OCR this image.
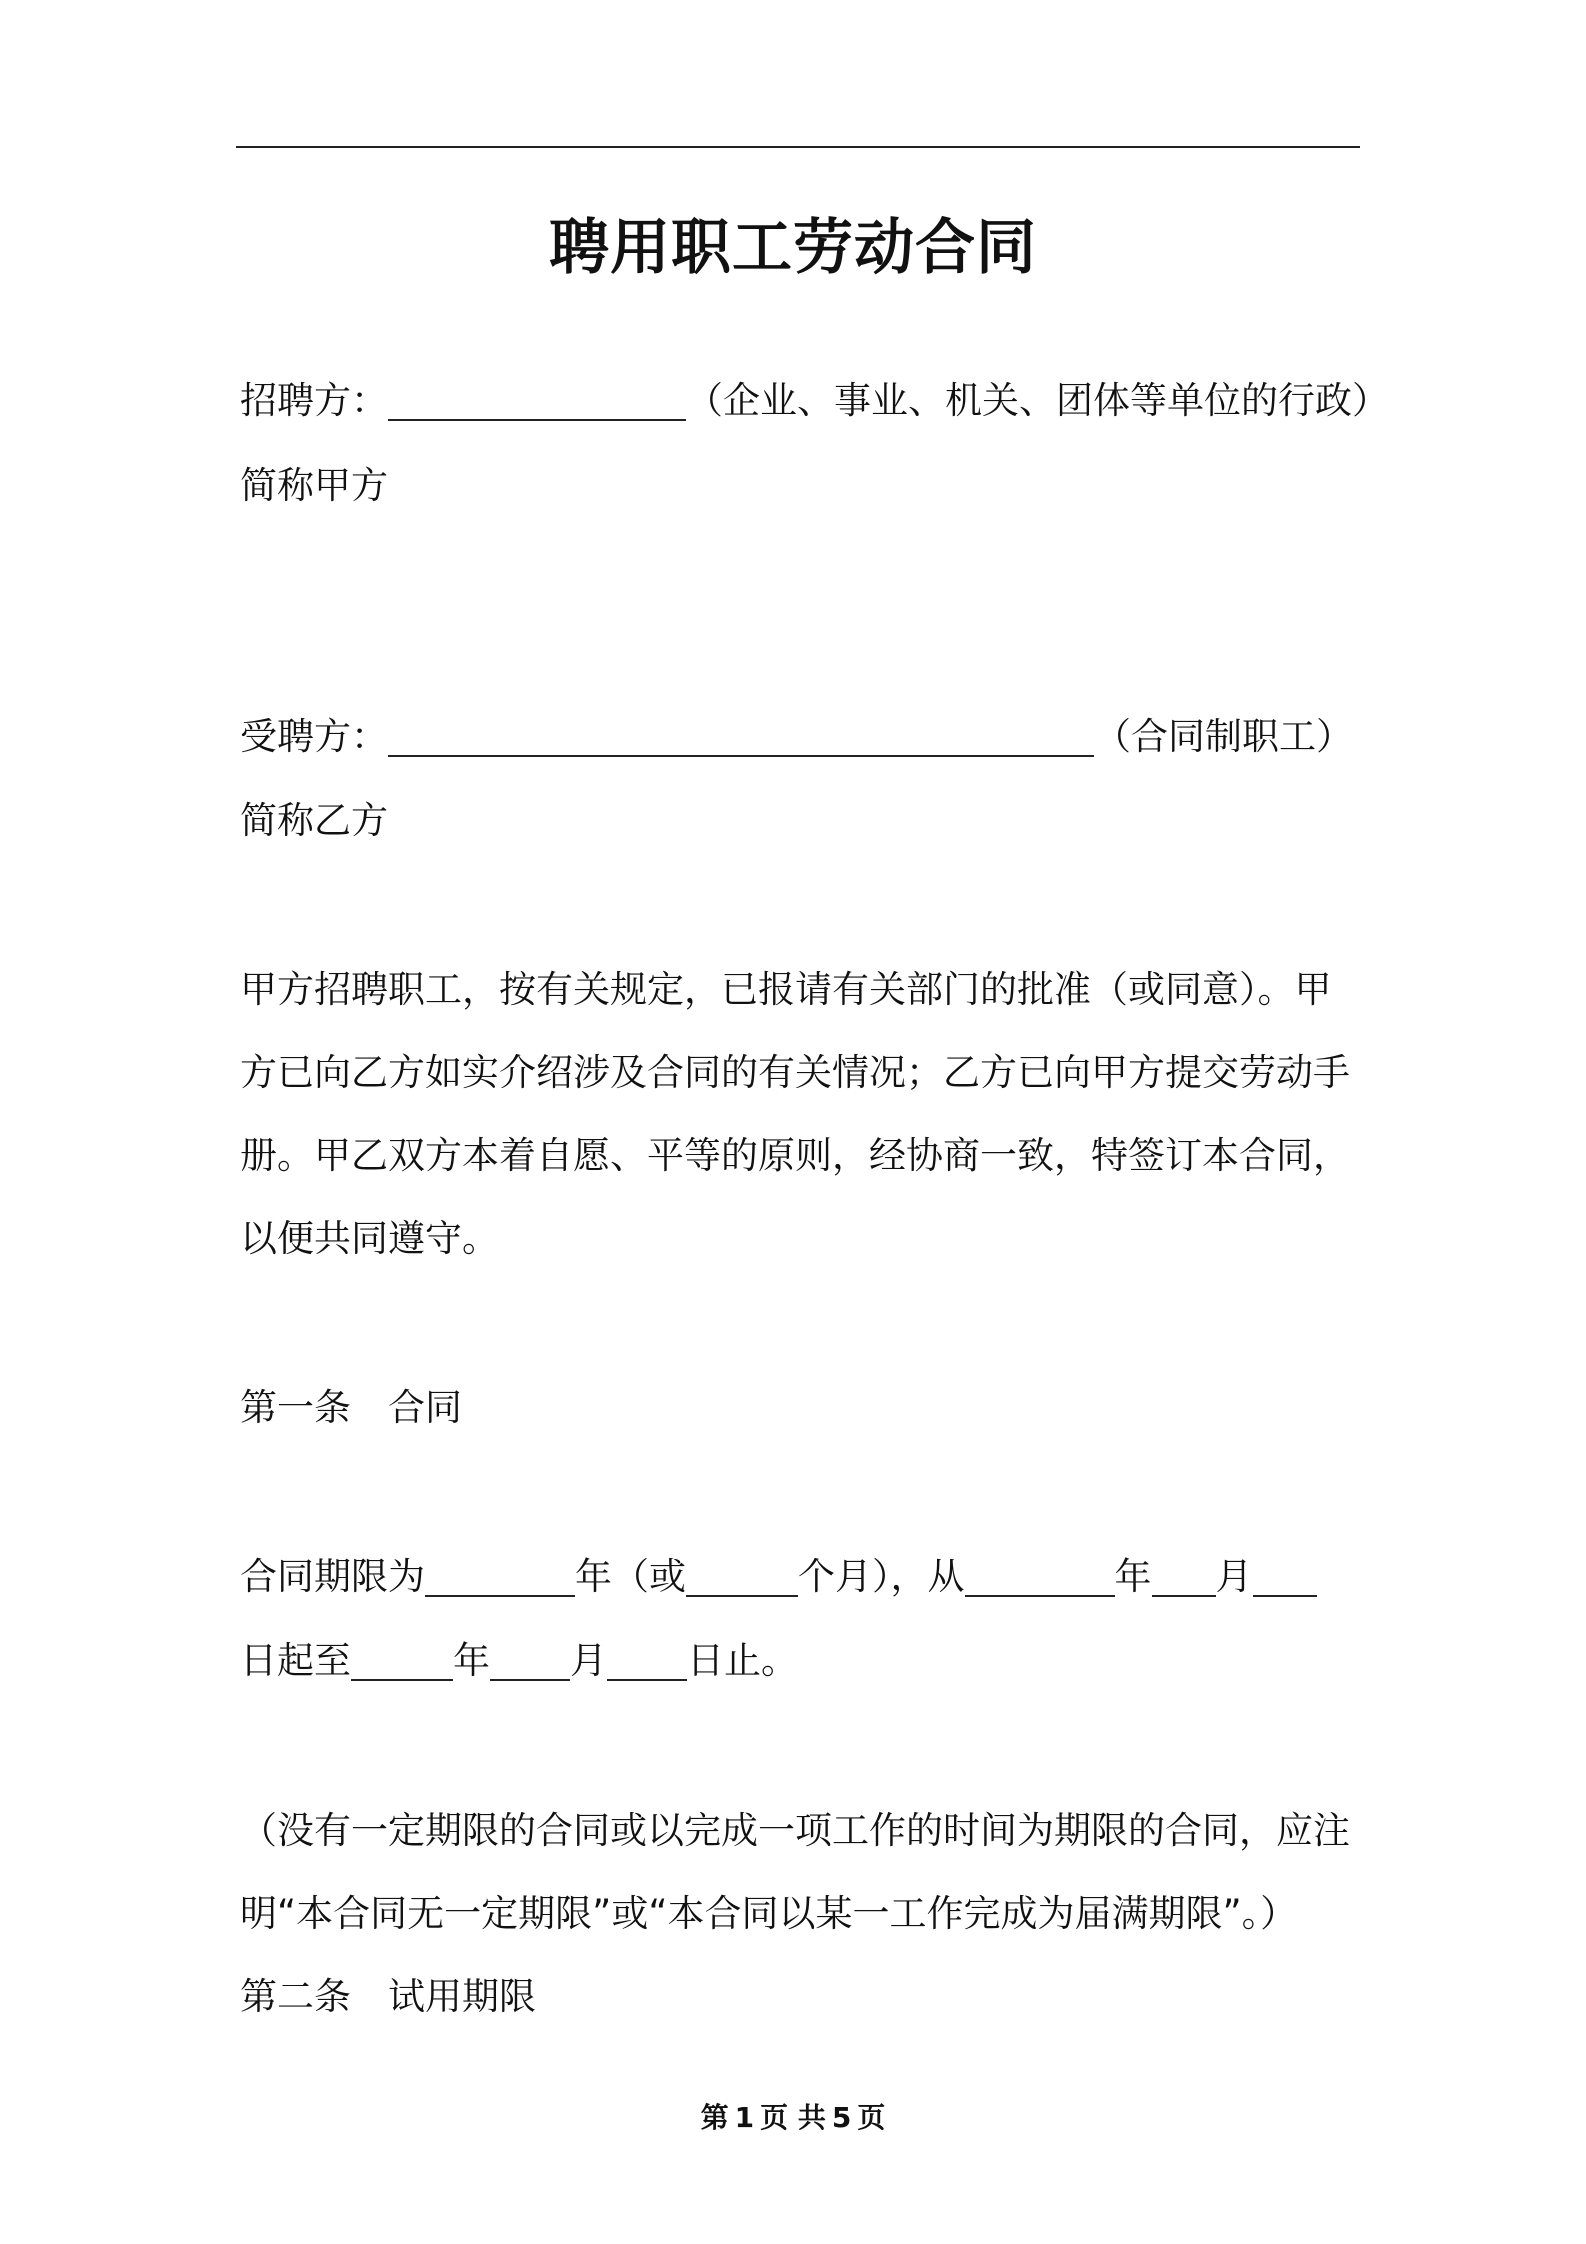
聘用职工劳动合同
招聘方：	（企业、事业、机关、团体等单位的行政）
简称甲方
受聘方：	（合同制职工）
简称乙方
甲方招聘职工，按有关规定，已报请有关部门的批准（或同意）。甲
方已向乙方如实介绍涉及合同的有关情况；乙方已向甲方提交劳动手
册。甲乙双方本着自愿、平等的原则，经协商一致，特签订本合同，
以便共同遵守。
第一条　合同
合同期限为	年（或	个月），从	年 月
日起至	年 月 日止。
（没有一定期限的合同或以完成一项工作的时间为期限的合同，应注
明“本合同无一定期限”或“本合同以某一工作完成为届满期限”。）
第二条　试用期限
第 1 页 共 5 页
